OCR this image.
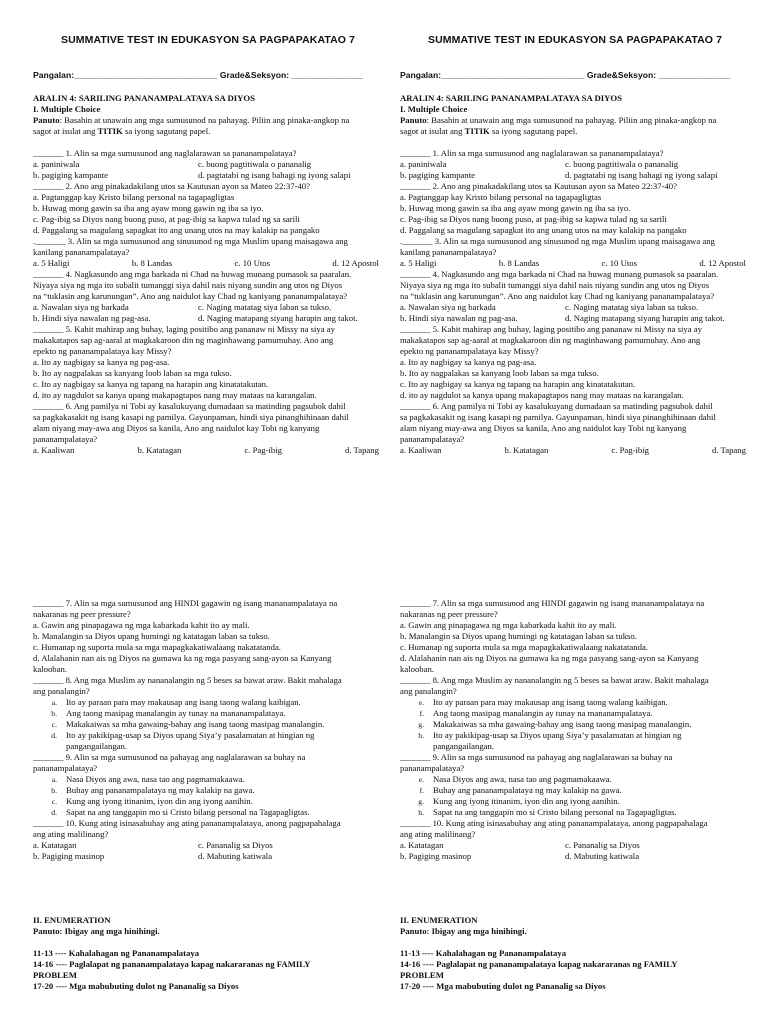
SUMMATIVE TEST IN EDUKASYON SA PAGPAPAKATAO 7
Pangalan:______________________________ Grade&Seksyon: _______________

ARALIN 4: SARILING PANANAMPALATAYA SA DIYOS

I. Multiple Choice

Panuto: Basahin at unawain ang mga sumusunod na pahayag. Piliin ang pinaka-angkop na

sagot at isulat ang TITIK sa iyong sagutang papel.

_______ 1. Alin sa mga sumusunod ang naglalarawan sa pananampalataya?

a. paniniwala	c. buong pagtitiwala o pananalig
b. pagiging kampante	d. pagtatabi ng isang bahagi ng iyong salapi

_______ 2. Ano ang pinakadakilang utos sa Kautusan ayon sa Mateo 22:37-40?

a. Pagtanggap kay Kristo bilang personal na tagapagligtas

b. Huwag mong gawin sa iba ang ayaw mong gawin ng iba sa iyo.

c. Pag-ibig sa Diyos nang buong puso, at pag-ibig sa kapwa tulad ng sa sarili

d. Paggalang sa magulang sapagkat ito ang unang utos na may kalakip na pangako

._______ 3. Alin sa mga sumusunod ang sinusunod ng mga Muslim upang maisagawa ang

kanilang pananampalataya?

a. 5 Haligi	b. 8 Landas	c. 10 Utos	d. 12 Apostol

_______ 4. Nagkasundo ang mga barkada ni Chad na huwag munang pumasok sa paaralan.

Niyaya siya ng mga ito subalit tumanggi siya dahil nais niyang sundin ang utos ng Diyos

na “tuklasin ang karunungan”. Ano ang naidulot kay Chad ng kaniyang pananampalataya?

a. Nawalan siya ng barkada	c. Naging matatag siya laban sa tukso.
b. Hindi siya nawalan ng pag-asa.	d. Naging matapang siyang harapin ang takot.

_______ 5. Kahit mahirap ang buhay, laging positibo ang pananaw ni Missy na siya ay

makakatapos sap ag-aaral at magkakaroon din ng maginhawang pamumuhay. Ano ang

epekto ng pananampalataya kay Missy?

a. Ito ay nagbigay sa kanya ng pag-asa.

b. Ito ay nagpalakas sa kanyang loob laban sa mga tukso.

c. Ito ay nagbigay sa kanya ng tapang na harapin ang kinatatakutan.

d. ito ay nagdulot sa kanya upang makapagtapos nang may mataas na karangalan.

_______ 6. Ang pamilya ni Tobi ay kasalukuyang dumadaan sa matinding pagsubok dahil

sa pagkakasakit ng isang kasapi ng pamilya. Gayunpaman, hindi siya pinanghihinaan dahil

alam niyang may-awa ang Diyos sa kanila, Ano ang naidulot kay Tobi ng kanyang

pananampalataya?

a. Kaaliwan	b. Katatagan	c. Pag-ibig	d. Tapang

_______ 7. Alin sa mga sumusunod ang HINDI gagawin ng isang mananampalataya na

nakaranas ng peer pressure?

a. Gawin ang pinapagawa ng mga kabarkada kahit ito ay mali.

b. Manalangin sa Diyos upang humingi ng katatagan laban sa tukso.

c. Humanap ng suporta mula sa mga mapagkakatiwalaang nakatatanda.

d. Alalahanin nan ais ng Diyos na gumawa ka ng mga pasyang sang-ayon sa Kanyang

kalooban.

_______ 8. Ang mga Muslim ay nananalangin ng 5 beses sa bawat araw. Bakit mahalaga

ang panalangin?

a.	Ito ay paraan para may makausap ang isang taong walang kaibigan.
b.	Ang taong masipag manalangin ay tunay na mananampalataya.
c.	Makakaiwas sa mha gawaing-bahay ang isang taong masipag manalangin.
d.	Ito ay pakikipag-usap sa Diyos upang Siya’y pasalamatan at hingian ng
pangangailangan.

_______ 9. Alin sa mga sumusunod na pahayag ang naglalarawan sa buhay na

pananampalataya?

a.	Nasa Diyos ang awa, nasa tao ang pagmamakaawa.
b.	Buhay ang pananampalataya ng may kalakip na gawa.
c.	Kung ang iyong itinanim, iyon din ang iyong aanihin.
d.	Sapat na ang tanggapin mo si Cristo bilang personal na Tagapagligtas.

_______ 10. Kung ating isinasabuhay ang ating pananampalataya, anong pagpapahalaga

ang ating malilinang?

a. Katatagan	c. Pananalig sa Diyos
b. Pagiging masinop	d. Mabuting katiwala

II. ENUMERATION

Panuto: Ibigay ang mga hinihingi.

11-13 ---- Kahalahagan ng Pananampalataya

14-16 ---- Paglalapat ng pananampalataya kapag nakararanas ng FAMILY

PROBLEM

17-20 ---- Mga mabubuting dulot ng Pananalig sa Diyos

SUMMATIVE TEST IN EDUKASYON SA PAGPAPAKATAO 7
Pangalan:______________________________ Grade&Seksyon: _______________

ARALIN 4: SARILING PANANAMPALATAYA SA DIYOS

I. Multiple Choice

Panuto: Basahin at unawain ang mga sumusunod na pahayag. Piliin ang pinaka-angkop na

sagot at isulat ang TITIK sa iyong sagutang papel.

_______ 1. Alin sa mga sumusunod ang naglalarawan sa pananampalataya?

a. paniniwala	c. buong pagtitiwala o pananalig
b. pagiging kampante	d. pagtatabi ng isang bahagi ng iyong salapi

_______ 2. Ano ang pinakadakilang utos sa Kautusan ayon sa Mateo 22:37-40?

a. Pagtanggap kay Kristo bilang personal na tagapagligtas

b. Huwag mong gawin sa iba ang ayaw mong gawin ng iba sa iyo.

c. Pag-ibig sa Diyos nang buong puso, at pag-ibig sa kapwa tulad ng sa sarili

d. Paggalang sa magulang sapagkat ito ang unang utos na may kalakip na pangako

._______ 3. Alin sa mga sumusunod ang sinusunod ng mga Muslim upang maisagawa ang

kanilang pananampalataya?

a. 5 Haligi	b. 8 Landas	c. 10 Utos	d. 12 Apostol

_______ 4. Nagkasundo ang mga barkada ni Chad na huwag munang pumasok sa paaralan.

Niyaya siya ng mga ito subalit tumanggi siya dahil nais niyang sundin ang utos ng Diyos

na “tuklasin ang karunungan”. Ano ang naidulot kay Chad ng kaniyang pananampalataya?

a. Nawalan siya ng barkada	c. Naging matatag siya laban sa tukso.
b. Hindi siya nawalan ng pag-asa.	d. Naging matapang siyang harapin ang takot.

_______ 5. Kahit mahirap ang buhay, laging positibo ang pananaw ni Missy na siya ay

makakatapos sap ag-aaral at magkakaroon din ng maginhawang pamumuhay. Ano ang

epekto ng pananampalataya kay Missy?

a. Ito ay nagbigay sa kanya ng pag-asa.

b. Ito ay nagpalakas sa kanyang loob laban sa mga tukso.

c. Ito ay nagbigay sa kanya ng tapang na harapin ang kinatatakutan.

d. ito ay nagdulot sa kanya upang makapagtapos nang may mataas na karangalan.

_______ 6. Ang pamilya ni Tobi ay kasalukuyang dumadaan sa matinding pagsubok dahil

sa pagkakasakit ng isang kasapi ng pamilya. Gayunpaman, hindi siya pinanghihinaan dahil

alam niyang may-awa ang Diyos sa kanila, Ano ang naidulot kay Tobi ng kanyang

pananampalataya?

a. Kaaliwan	b. Katatagan	c. Pag-ibig	d. Tapang

_______ 7. Alin sa mga sumusunod ang HINDI gagawin ng isang mananampalataya na

nakaranas ng peer pressure?

a. Gawin ang pinapagawa ng mga kabarkada kahit ito ay mali.

b. Manalangin sa Diyos upang humingi ng katatagan laban sa tukso.

c. Humanap ng suporta mula sa mga mapagkakatiwalaang nakatatanda.

d. Alalahanin nan ais ng Diyos na gumawa ka ng mga pasyang sang-ayon sa Kanyang

kalooban.

_______ 8. Ang mga Muslim ay nananalangin ng 5 beses sa bawat araw. Bakit mahalaga

ang panalangin?

e.	Ito ay paraan para may makausap ang isang taong walang kaibigan.
f.	Ang taong masipag manalangin ay tunay na mananampalataya.
g.	Makakaiwas sa mha gawaing-bahay ang isang taong masipag manalangin.
h.	Ito ay pakikipag-usap sa Diyos upang Siya’y pasalamatan at hingian ng
pangangailangan.

_______ 9. Alin sa mga sumusunod na pahayag ang naglalarawan sa buhay na

pananampalataya?

e.	Nasa Diyos ang awa, nasa tao ang pagmamakaawa.
f.	Buhay ang pananampalataya ng may kalakip na gawa.
g.	Kung ang iyong itinanim, iyon din ang iyong aanihin.
h.	Sapat na ang tanggapin mo si Cristo bilang personal na Tagapagligtas.

_______ 10. Kung ating isinasabuhay ang ating pananampalataya, anong pagpapahalaga

ang ating malilinang?

a. Katatagan	c. Pananalig sa Diyos
b. Pagiging masinop	d. Mabuting katiwala

II. ENUMERATION

Panuto: Ibigay ang mga hinihingi.

11-13 ---- Kahalahagan ng Pananampalataya

14-16 ---- Paglalapat ng pananampalataya kapag nakararanas ng FAMILY

PROBLEM

17-20 ---- Mga mabubuting dulot ng Pananalig sa Diyos
